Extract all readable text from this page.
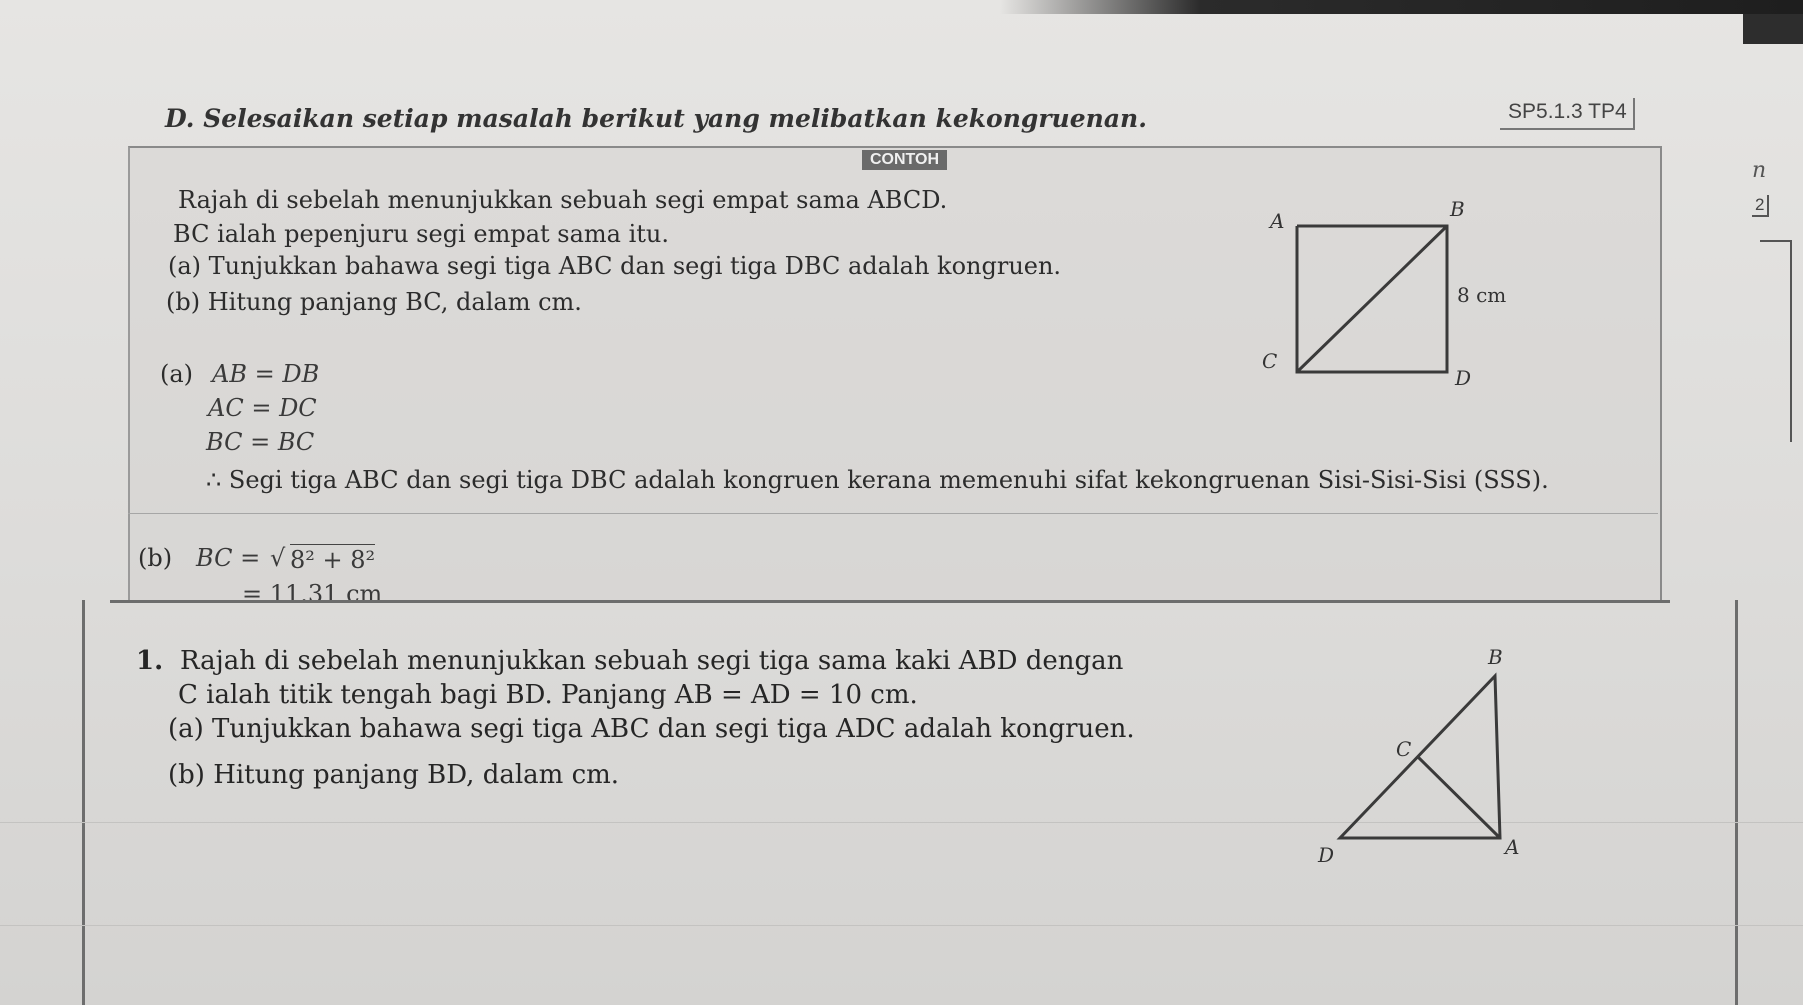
D. Selesaikan setiap masalah berikut yang melibatkan kekongruenan.	SP5.1.3 TP4
n
2
CONTOH
Rajah di sebelah menunjukkan sebuah segi empat sama ABCD.
BC ialah pepenjuru segi empat sama itu.
(a) Tunjukkan bahawa segi tiga ABC dan segi tiga DBC adalah kongruen.
(b) Hitung panjang BC, dalam cm.
(a) AB = DB
AC = DC
BC = BC
∴ Segi tiga ABC dan segi tiga DBC adalah kongruen kerana memenuhi sifat kekongruenan Sisi-Sisi-Sisi (SSS).
(b) BC = √ 8² + 8²
= 11.31 cm
C
A	B
D
8 cm
1. Rajah di sebelah menunjukkan sebuah segi tiga sama kaki ABD dengan
C ialah titik tengah bagi BD. Panjang AB = AD = 10 cm.
(a) Tunjukkan bahawa segi tiga ABC dan segi tiga ADC adalah kongruen.
(b) Hitung panjang BD, dalam cm.
B
C
D	A
